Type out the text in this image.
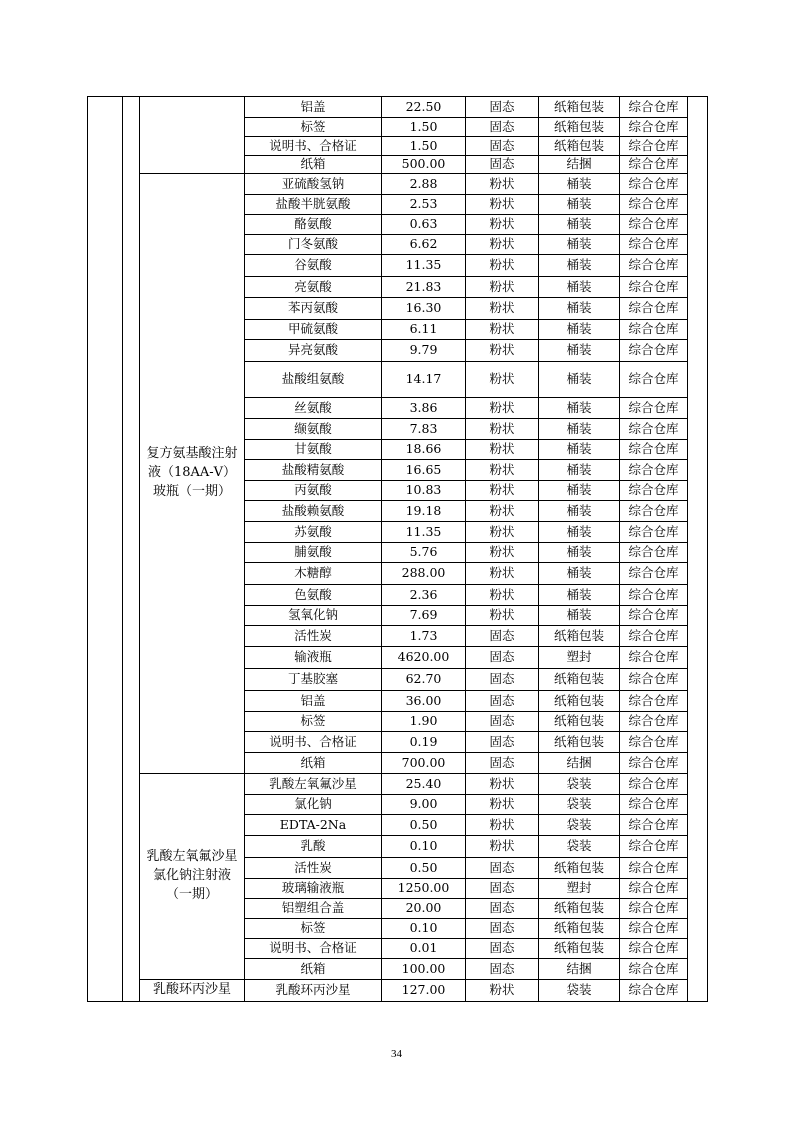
			铝盖	22.50	固态	纸箱包装	综合仓库	
			标签	1.50	固态	纸箱包装	综合仓库	
			说明书、合格证	1.50	固态	纸箱包装	综合仓库	
			纸箱	500.00	固态	结捆	综合仓库	
		复方氨基酸注射液（18AA-Ⅴ）玻瓶（一期）	亚硫酸氢钠	2.88	粉状	桶装	综合仓库	
			盐酸半胱氨酸	2.53	粉状	桶装	综合仓库	
			酪氨酸	0.63	粉状	桶装	综合仓库	
			门冬氨酸	6.62	粉状	桶装	综合仓库	
			谷氨酸	11.35	粉状	桶装	综合仓库	
			亮氨酸	21.83	粉状	桶装	综合仓库	
			苯丙氨酸	16.30	粉状	桶装	综合仓库	
			甲硫氨酸	6.11	粉状	桶装	综合仓库	
			异亮氨酸	9.79	粉状	桶装	综合仓库	
			盐酸组氨酸	14.17	粉状	桶装	综合仓库	
			丝氨酸	3.86	粉状	桶装	综合仓库	
			缬氨酸	7.83	粉状	桶装	综合仓库	
			甘氨酸	18.66	粉状	桶装	综合仓库	
			盐酸精氨酸	16.65	粉状	桶装	综合仓库	
			丙氨酸	10.83	粉状	桶装	综合仓库	
			盐酸赖氨酸	19.18	粉状	桶装	综合仓库	
			苏氨酸	11.35	粉状	桶装	综合仓库	
			脯氨酸	5.76	粉状	桶装	综合仓库	
			木糖醇	288.00	粉状	桶装	综合仓库	
			色氨酸	2.36	粉状	桶装	综合仓库	
			氢氧化钠	7.69	粉状	桶装	综合仓库	
			活性炭	1.73	固态	纸箱包装	综合仓库	
			输液瓶	4620.00	固态	塑封	综合仓库	
			丁基胶塞	62.70	固态	纸箱包装	综合仓库	
			铝盖	36.00	固态	纸箱包装	综合仓库	
			标签	1.90	固态	纸箱包装	综合仓库	
			说明书、合格证	0.19	固态	纸箱包装	综合仓库	
			纸箱	700.00	固态	结捆	综合仓库	
		乳酸左氧氟沙星氯化钠注射液（一期）	乳酸左氧氟沙星	25.40	粉状	袋装	综合仓库	
			氯化钠	9.00	粉状	袋装	综合仓库	
			EDTA-2Na	0.50	粉状	袋装	综合仓库	
			乳酸	0.10	粉状	袋装	综合仓库	
			活性炭	0.50	固态	纸箱包装	综合仓库	
			玻璃输液瓶	1250.00	固态	塑封	综合仓库	
			铝塑组合盖	20.00	固态	纸箱包装	综合仓库	
			标签	0.10	固态	纸箱包装	综合仓库	
			说明书、合格证	0.01	固态	纸箱包装	综合仓库	
			纸箱	100.00	固态	结捆	综合仓库	
		乳酸环丙沙星	乳酸环丙沙星	127.00	粉状	袋装	综合仓库	
34
